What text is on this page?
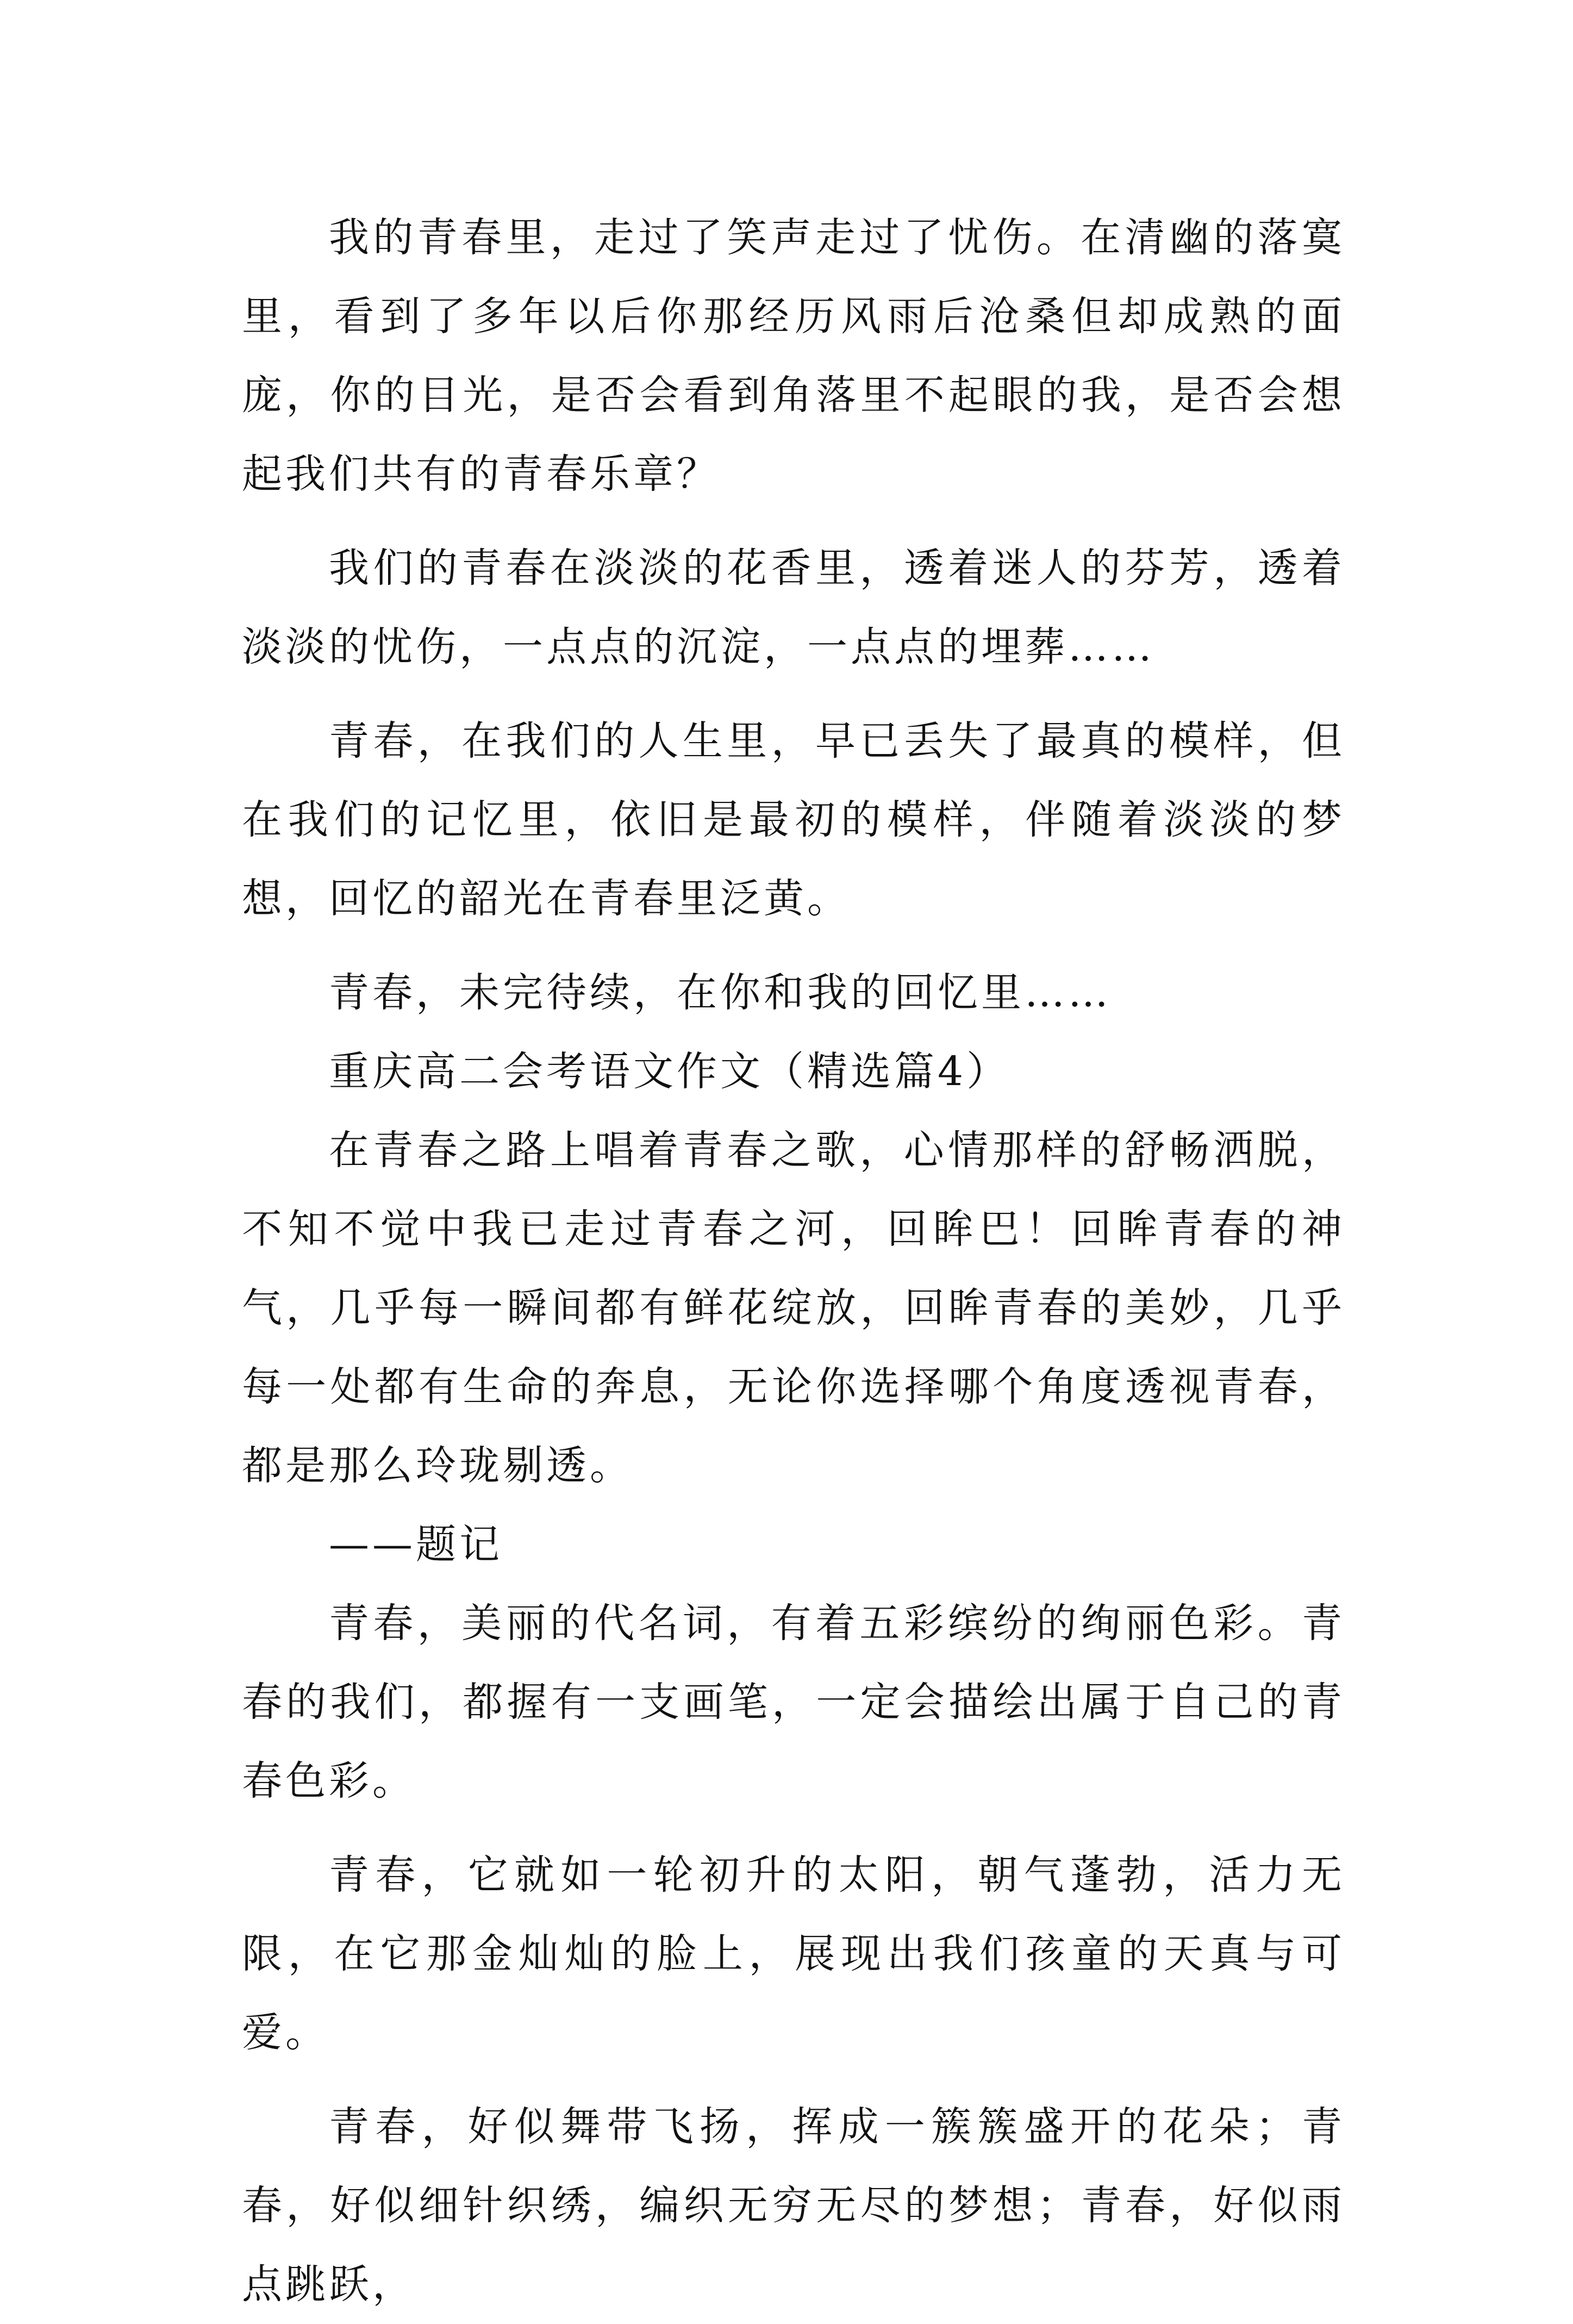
我的青春里，走过了笑声走过了忧伤。在清幽的落寞里，看到了多年以后你那经历风雨后沧桑但却成熟的面庞，你的目光，是否会看到角落里不起眼的我，是否会想起我们共有的青春乐章？

我们的青春在淡淡的花香里，透着迷人的芬芳，透着淡淡的忧伤，一点点的沉淀，一点点的埋葬……

青春，在我们的人生里，早已丢失了最真的模样，但在我们的记忆里，依旧是最初的模样，伴随着淡淡的梦想，回忆的韶光在青春里泛黄。

青春，未完待续，在你和我的回忆里……

重庆高二会考语文作文（精选篇4）

在青春之路上唱着青春之歌，心情那样的舒畅洒脱，不知不觉中我已走过青春之河，回眸巴！回眸青春的神气，几乎每一瞬间都有鲜花绽放，回眸青春的美妙，几乎每一处都有生命的奔息，无论你选择哪个角度透视青春，都是那么玲珑剔透。

——题记

青春，美丽的代名词，有着五彩缤纷的绚丽色彩。青春的我们，都握有一支画笔，一定会描绘出属于自己的青春色彩。

青春，它就如一轮初升的太阳，朝气蓬勃，活力无限，在它那金灿灿的脸上，展现出我们孩童的天真与可爱。

青春，好似舞带飞扬，挥成一簇簇盛开的花朵；青春，好似细针织绣，编织无穷无尽的梦想；青春，好似雨点跳跃，
